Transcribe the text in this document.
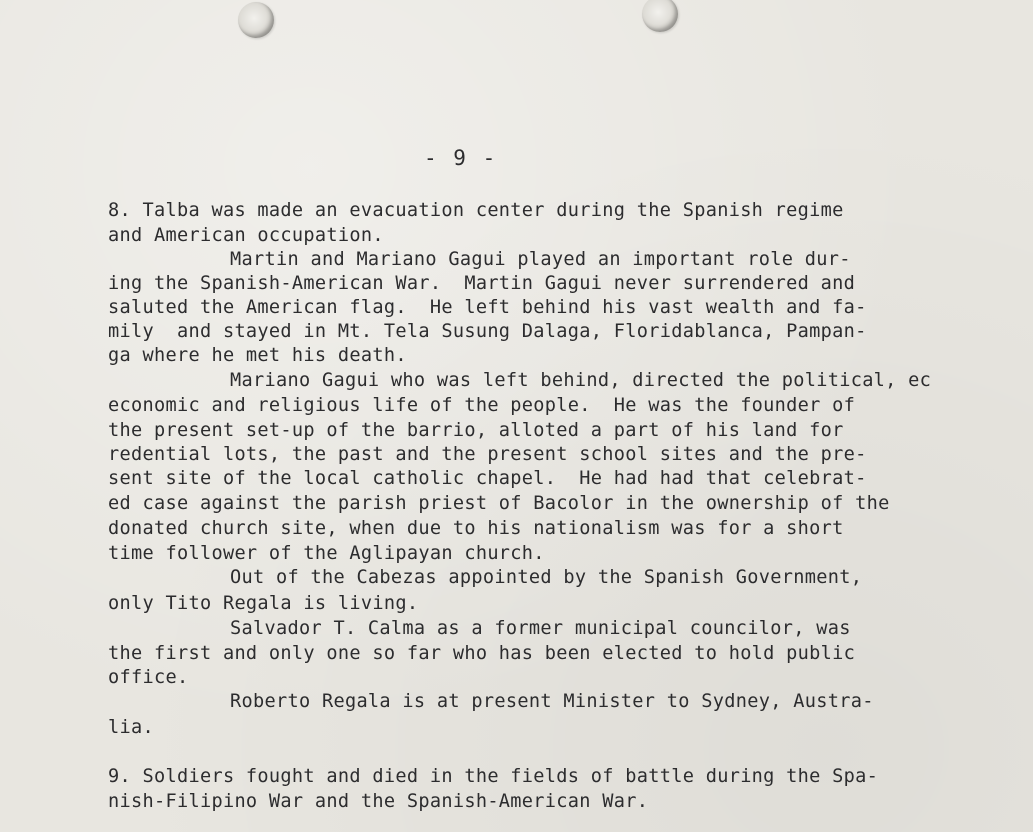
- 9 -
8. Talba was made an evacuation center during the Spanish regime
and American occupation.
Martin and Mariano Gagui played an important role dur-
ing the Spanish-American War.  Martin Gagui never surrendered and
saluted the American flag.  He left behind his vast wealth and fa-
mily  and stayed in Mt. Tela Susung Dalaga, Floridablanca, Pampan-
ga where he met his death.
Mariano Gagui who was left behind, directed the political, ec
economic and religious life of the people.  He was the founder of
the present set-up of the barrio, alloted a part of his land for
redential lots, the past and the present school sites and the pre-
sent site of the local catholic chapel.  He had had that celebrat-
ed case against the parish priest of Bacolor in the ownership of the
donated church site, when due to his nationalism was for a short
time follower of the Aglipayan church.
Out of the Cabezas appointed by the Spanish Government,
only Tito Regala is living.
Salvador T. Calma as a former municipal councilor, was
the first and only one so far who has been elected to hold public
office.
Roberto Regala is at present Minister to Sydney, Austra-
lia.
9. Soldiers fought and died in the fields of battle during the Spa-
nish-Filipino War and the Spanish-American War.
